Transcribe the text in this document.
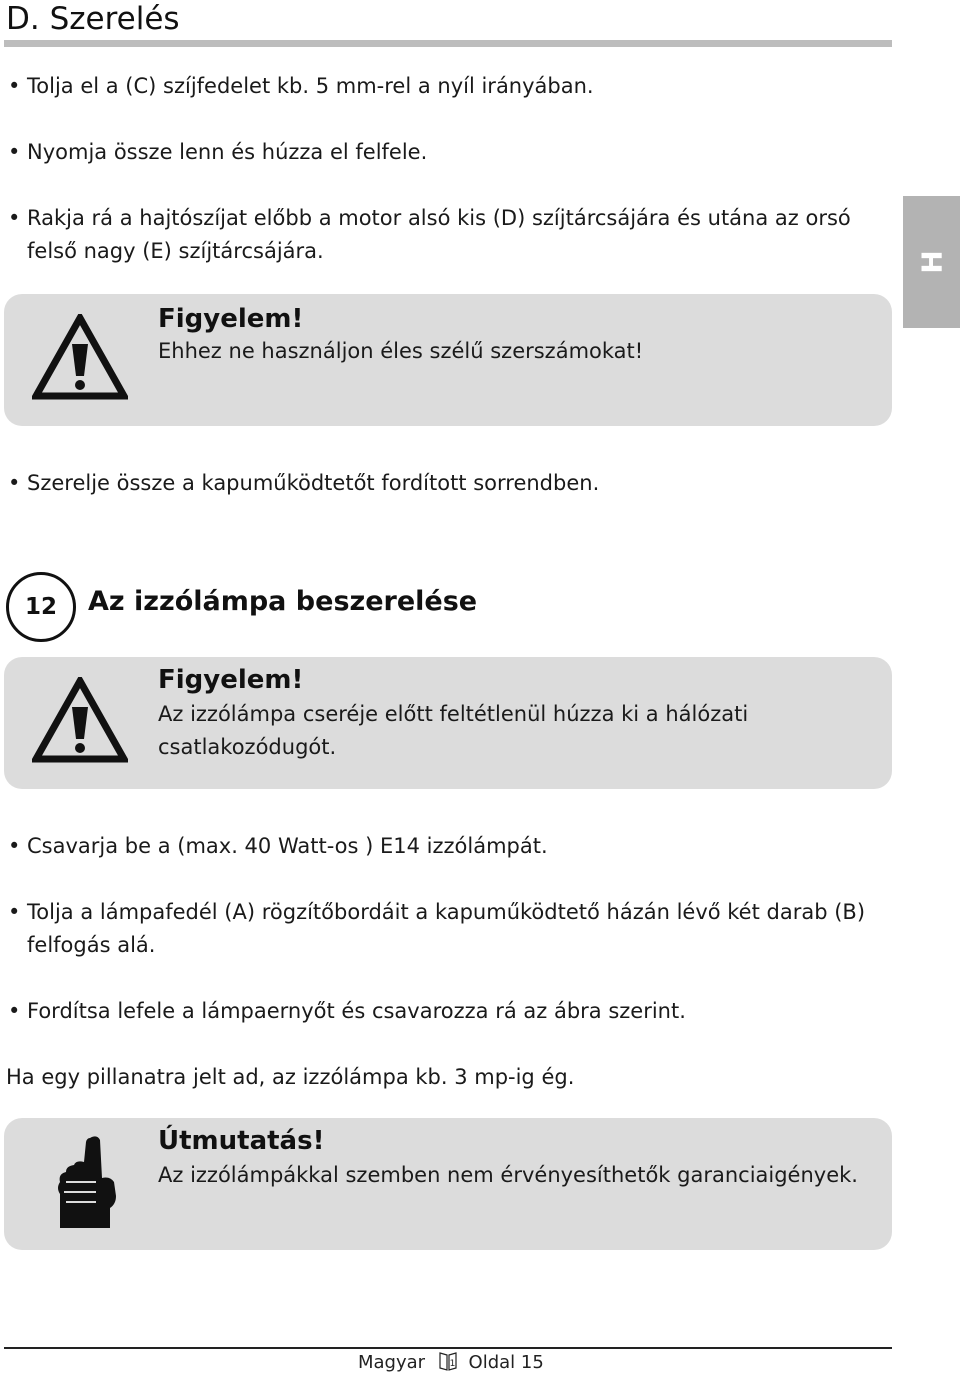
D. Szerelés
H
• Tolja el a (C) szíjfedelet kb. 5 mm-rel a nyíl irányában.
• Nyomja össze lenn és húzza el felfele.
• Rakja rá a hajtószíjat előbb a motor alsó kis (D) szíjtárcsájára és utána az orsó felső nagy (E) szíjtárcsájára.
Figyelem!
Ehhez ne használjon éles szélű szerszámokat!
• Szerelje össze a kapuműködtetőt fordított sorrendben.
12	Az izzólámpa beszerelése
Figyelem!
Az izzólámpa cseréje előtt feltétlenül húzza ki a hálózati csatlakozódugót.
• Csavarja be a (max. 40 Watt-os ) E14 izzólámpát.
• Tolja a lámpafedél (A) rögzítőbordáit a kapuműködtető házán lévő két darab (B) felfogás alá.
• Fordítsa lefele a lámpaernyőt és csavarozza rá az ábra szerint.
Ha egy pillanatra jelt ad, az izzólámpa kb. 3 mp-ig ég.
Útmutatás!
Az izzólámpákkal szemben nem érvényesíthetők garanciaigények.
Magyar	1 Oldal 15
